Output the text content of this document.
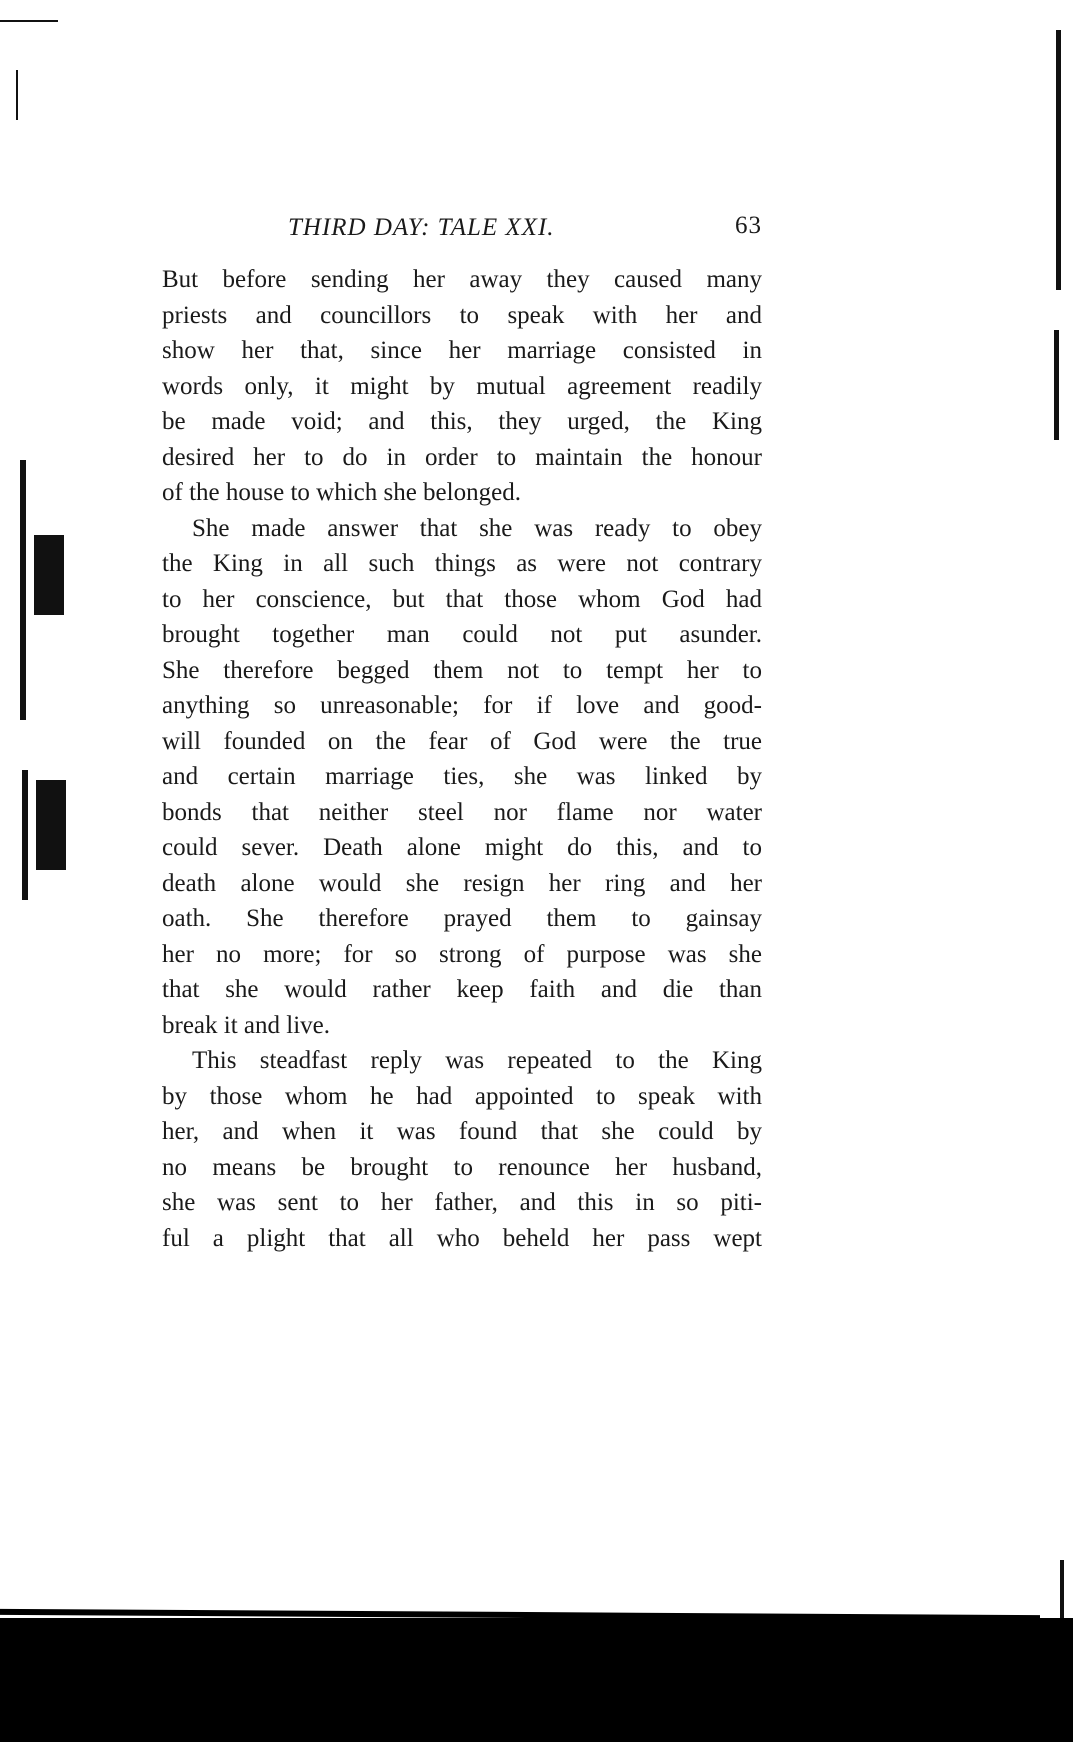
THIRD DAY: TALE XXI.	63
But before sending her away they caused many
priests and councillors to speak with her and
show her that, since her marriage consisted in
words only, it might by mutual agreement readily
be made void; and this, they urged, the King
desired her to do in order to maintain the honour
of the house to which she belonged.
She made answer that she was ready to obey
the King in all such things as were not contrary
to her conscience, but that those whom God had
brought together man could not put asunder.
She therefore begged them not to tempt her to
anything so unreasonable; for if love and good-
will founded on the fear of God were the true
and certain marriage ties, she was linked by
bonds that neither steel nor flame nor water
could sever. Death alone might do this, and to
death alone would she resign her ring and her
oath. She therefore prayed them to gainsay
her no more; for so strong of purpose was she
that she would rather keep faith and die than
break it and live.
This steadfast reply was repeated to the King
by those whom he had appointed to speak with
her, and when it was found that she could by
no means be brought to renounce her husband,
she was sent to her father, and this in so piti-
ful a plight that all who beheld her pass wept
